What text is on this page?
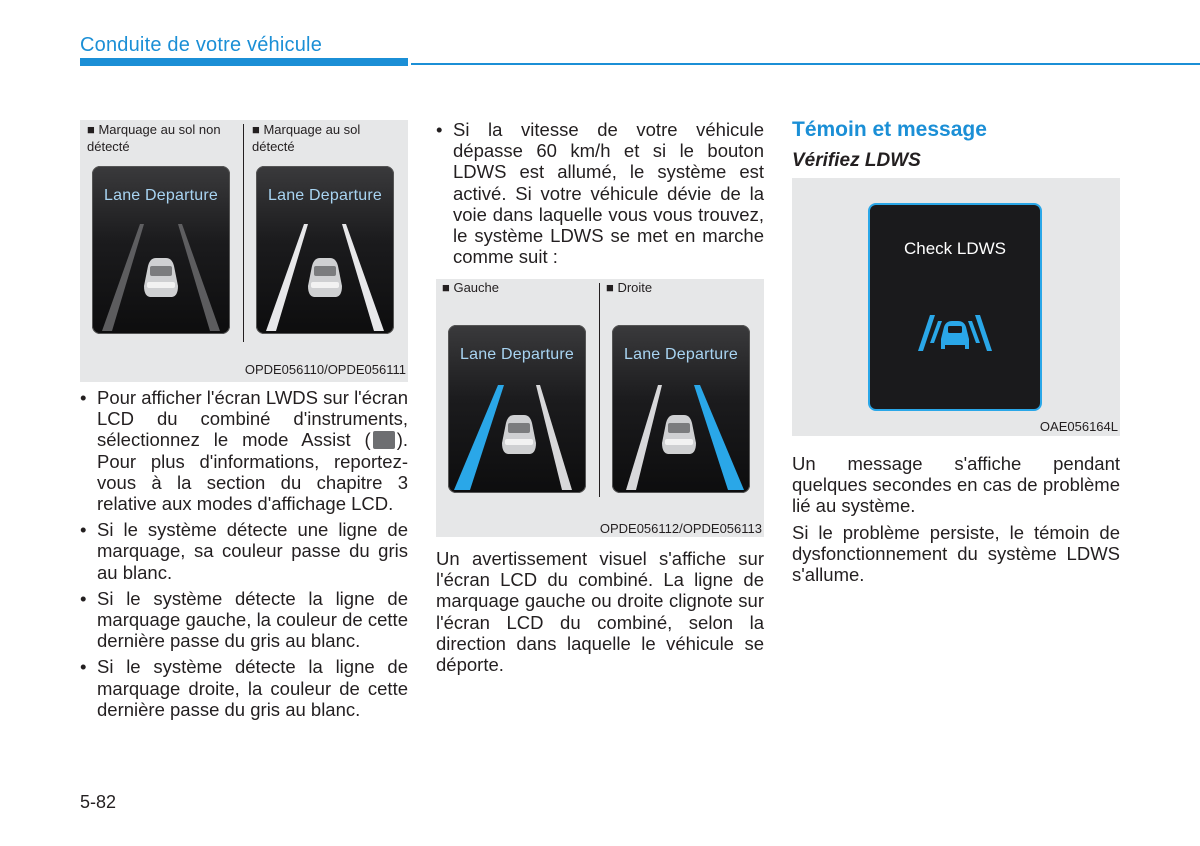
Conduite de votre véhicule
■ Marquage au sol non détecté
■ Marquage au sol détecté
Lane Departure	Lane Departure
OPDE056110/OPDE056111
• Pour afficher l'écran LWDS sur l'écran LCD du combiné d'instruments, sélectionnez le mode Assist ( ). Pour plus d'informations, reportez-vous à la section du chapitre 3 relative aux modes d'affichage LCD.
• Si le système détecte une ligne de marquage, sa couleur passe du gris au blanc.
• Si le système détecte la ligne de marquage gauche, la couleur de cette dernière passe du gris au blanc.
• Si le système détecte la ligne de marquage droite, la couleur de cette dernière passe du gris au blanc.
• Si la vitesse de votre véhicule dépasse 60 km/h et si le bouton LDWS est allumé, le système est activé. Si votre véhicule dévie de la voie dans laquelle vous vous trouvez, le système LDWS se met en marche comme suit :
■ Gauche	■ Droite
Lane Departure	Lane Departure
OPDE056112/OPDE056113

Un avertissement visuel s'affiche sur l'écran LCD du combiné. La ligne de marquage gauche ou droite clignote sur l'écran LCD du combiné, selon la direction dans laquelle le véhicule se déporte.

Témoin et message
Vérifiez LDWS
OAE056164L
Check LDWS

Un message s'affiche pendant quelques secondes en cas de problème lié au système.

Si le problème persiste, le témoin de dysfonctionnement du système LDWS s'allume.

5-82
